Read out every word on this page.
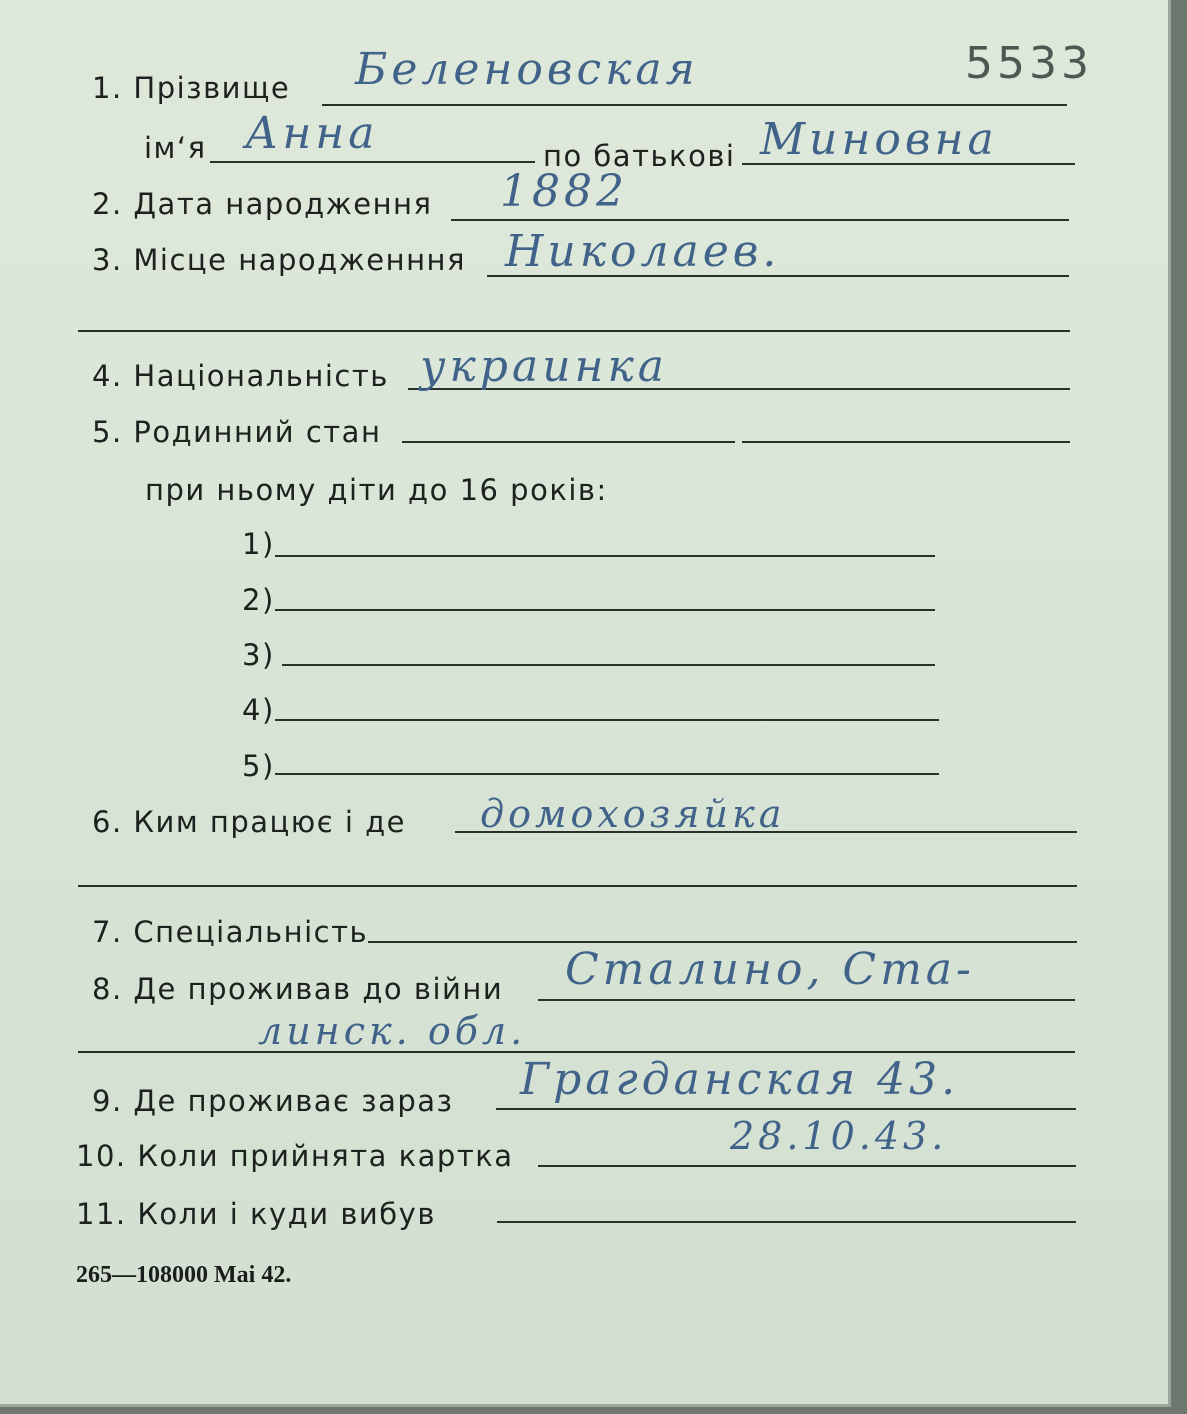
5533
1. Прізвище Беленовская
ім‘я Анна	по батькові Миновна
2. Дата народження 1882
3. Місце народженння Николаев.
4. Національність украинка
5. Родинний стан
при ньому діти до 16 років:
1)
2)
3)
4)
5)
6. Ким працює і де домохозяйка
7. Спеціальність
8. Де проживав до війни Сталино, Ста-
линск. обл.
9. Де проживає зараз Грагданская 43.
10. Коли прийнята картка	28.10.43.
11. Коли і куди вибув
265—108000 Mai 42.
